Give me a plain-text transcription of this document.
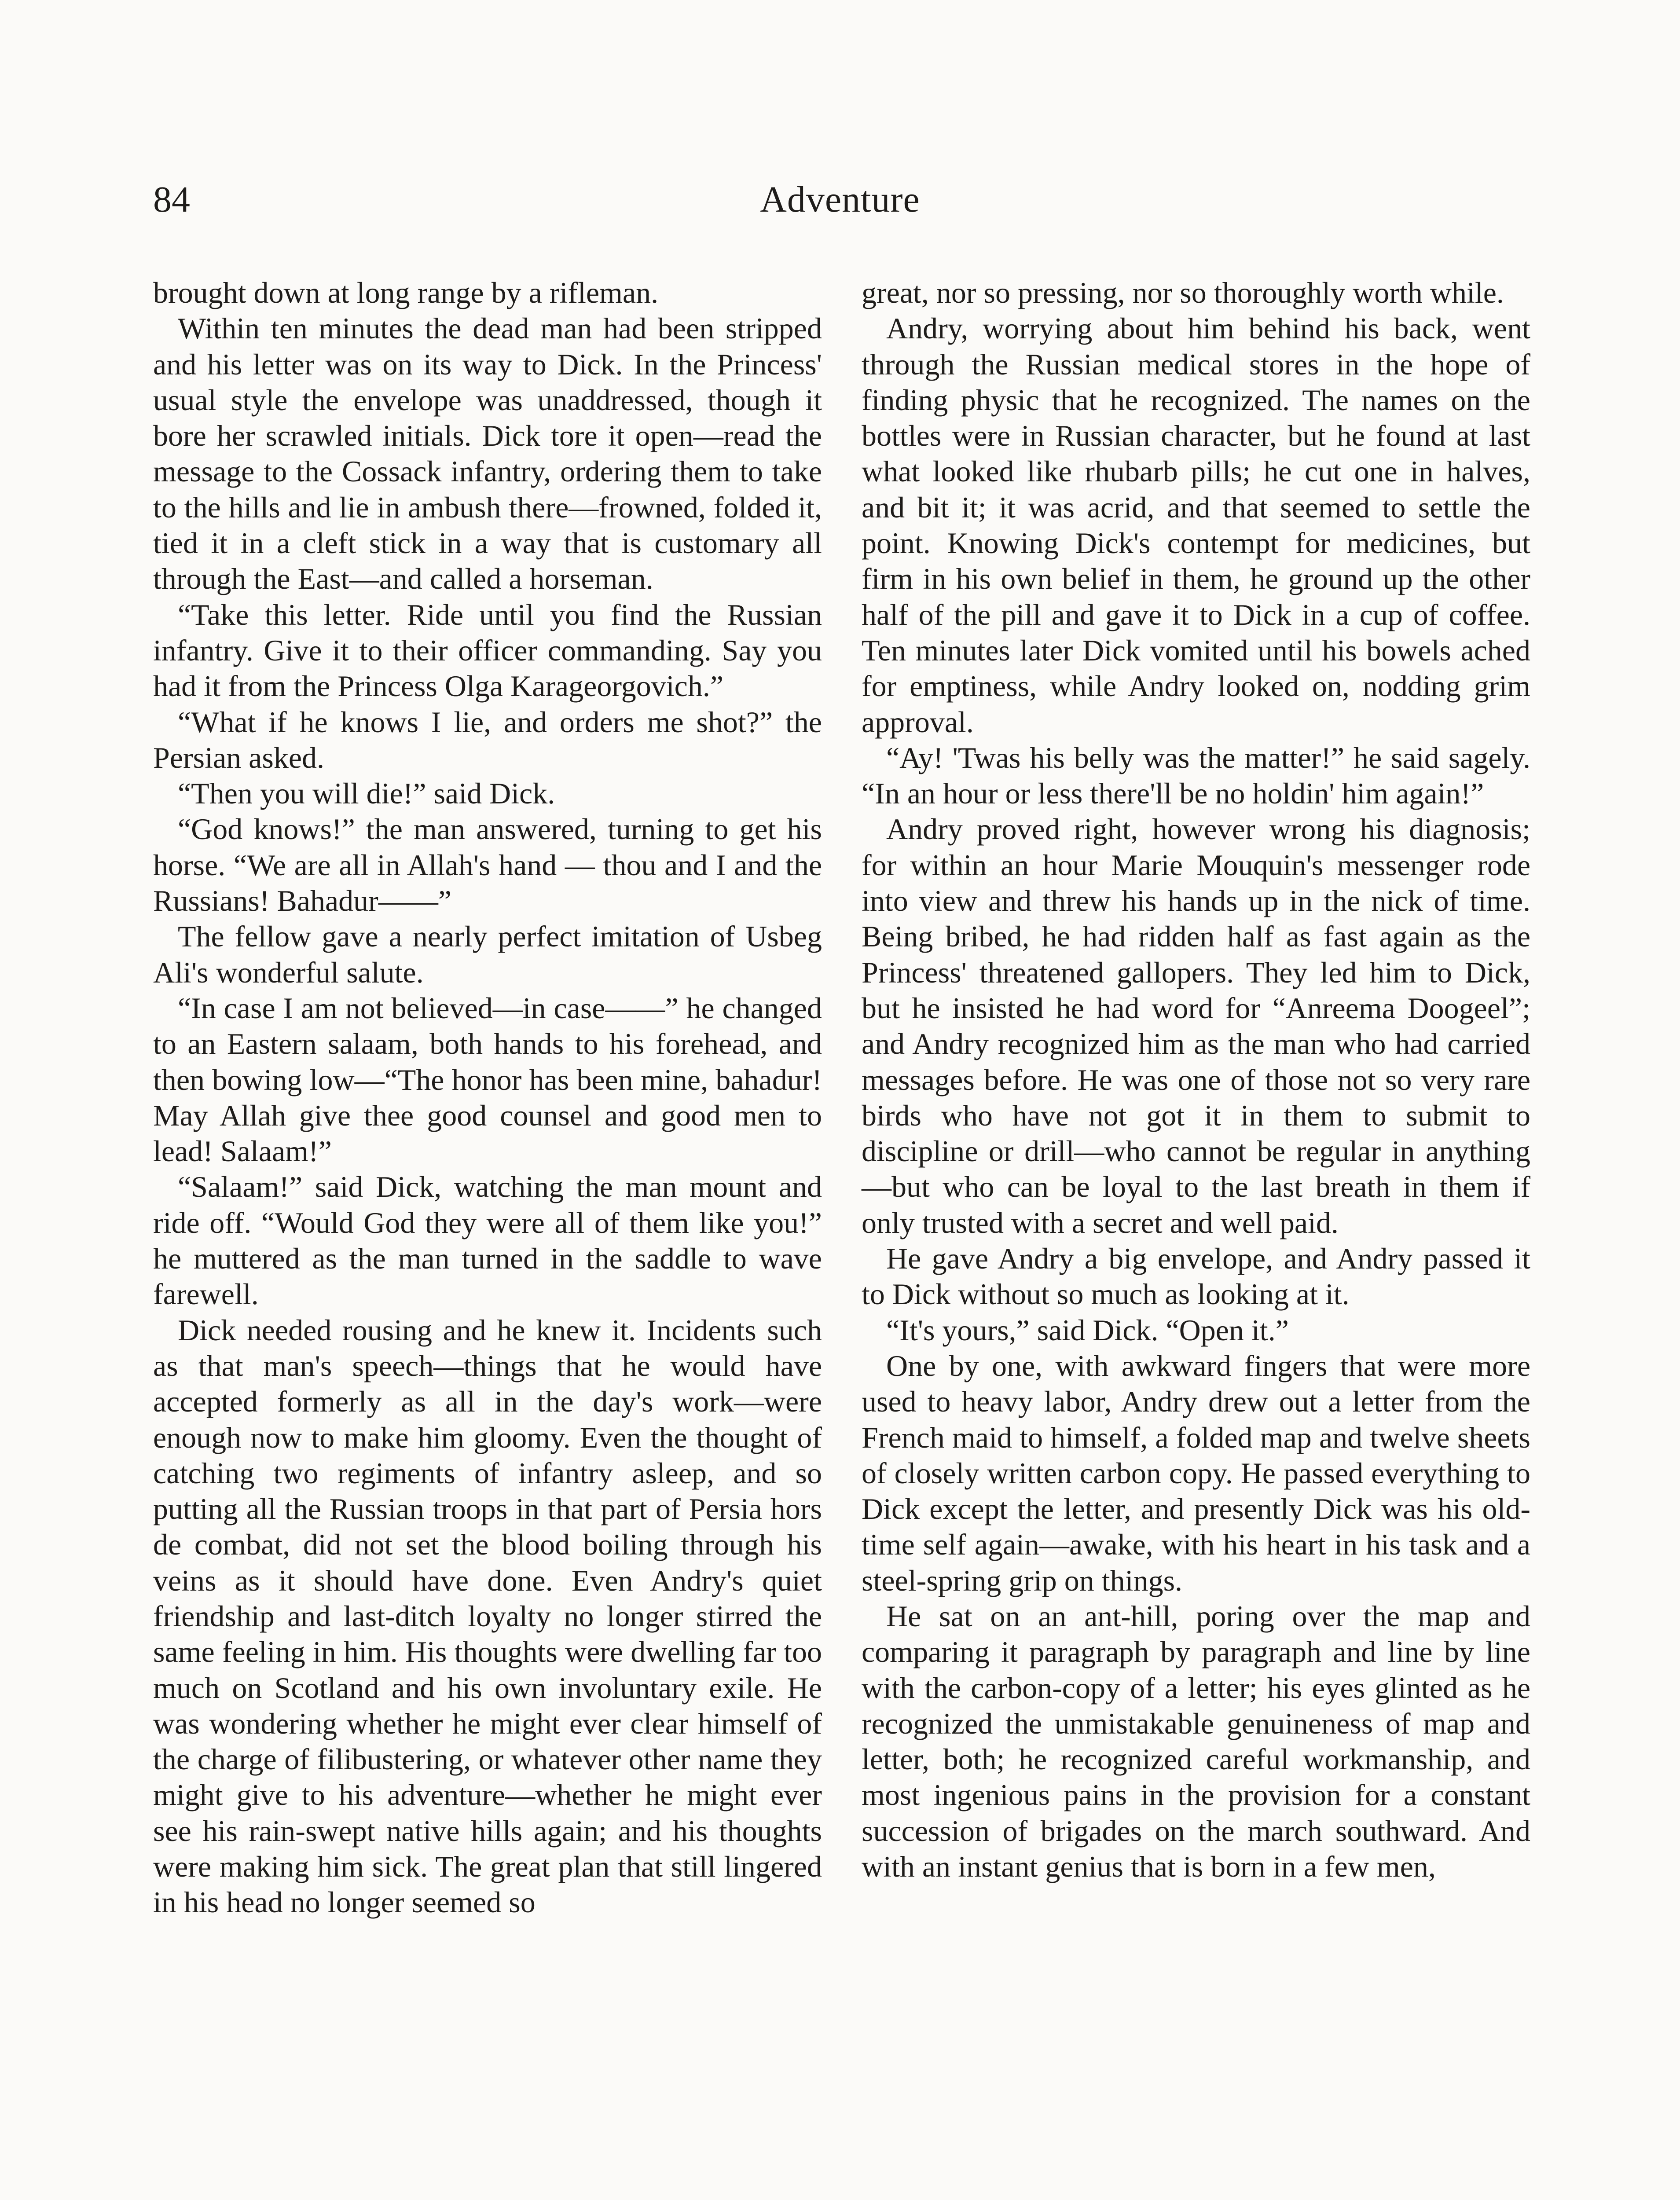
84	Adventure

brought down at long range by a rifleman.

Within ten minutes the dead man had been stripped and his letter was on its way to Dick. In the Princess' usual style the envelope was unaddressed, though it bore her scrawled initials. Dick tore it open—read the message to the Cossack infantry, ordering them to take to the hills and lie in ambush there—frowned, folded it, tied it in a cleft stick in a way that is customary all through the East—and called a horseman.

“Take this letter. Ride until you find the Russian infantry. Give it to their officer commanding. Say you had it from the Princess Olga Karageorgovich.”

“What if he knows I lie, and orders me shot?” the Persian asked.

“Then you will die!” said Dick.

“God knows!” the man answered, turning to get his horse. “We are all in Allah's hand — thou and I and the Russians! Bahadur——”

The fellow gave a nearly perfect imitation of Usbeg Ali's wonderful salute.

“In case I am not believed—in case——” he changed to an Eastern salaam, both hands to his forehead, and then bowing low—“The honor has been mine, bahadur! May Allah give thee good counsel and good men to lead! Salaam!”

“Salaam!” said Dick, watching the man mount and ride off. “Would God they were all of them like you!” he muttered as the man turned in the saddle to wave farewell.

Dick needed rousing and he knew it. Incidents such as that man's speech—things that he would have accepted formerly as all in the day's work—were enough now to make him gloomy. Even the thought of catching two regiments of infantry asleep, and so putting all the Russian troops in that part of Persia hors de combat, did not set the blood boiling through his veins as it should have done. Even Andry's quiet friendship and last-ditch loyalty no longer stirred the same feeling in him. His thoughts were dwelling far too much on Scotland and his own involuntary exile. He was wondering whether he might ever clear himself of the charge of filibustering, or whatever other name they might give to his adventure—whether he might ever see his rain-swept native hills again; and his thoughts were making him sick. The great plan that still lingered in his head no longer seemed so

great, nor so pressing, nor so thoroughly worth while.

Andry, worrying about him behind his back, went through the Russian medical stores in the hope of finding physic that he recognized. The names on the bottles were in Russian character, but he found at last what looked like rhubarb pills; he cut one in halves, and bit it; it was acrid, and that seemed to settle the point. Knowing Dick's contempt for medicines, but firm in his own belief in them, he ground up the other half of the pill and gave it to Dick in a cup of coffee. Ten minutes later Dick vomited until his bowels ached for emptiness, while Andry looked on, nodding grim approval.

“Ay! 'Twas his belly was the matter!” he said sagely. “In an hour or less there'll be no holdin' him again!”

Andry proved right, however wrong his diagnosis; for within an hour Marie Mouquin's messenger rode into view and threw his hands up in the nick of time. Being bribed, he had ridden half as fast again as the Princess' threatened gallopers. They led him to Dick, but he insisted he had word for “Anreema Doogeel”; and Andry recognized him as the man who had carried messages before. He was one of those not so very rare birds who have not got it in them to submit to discipline or drill—who cannot be regular in anything—but who can be loyal to the last breath in them if only trusted with a secret and well paid.

He gave Andry a big envelope, and Andry passed it to Dick without so much as looking at it.

“It's yours,” said Dick. “Open it.”

One by one, with awkward fingers that were more used to heavy labor, Andry drew out a letter from the French maid to himself, a folded map and twelve sheets of closely written carbon copy. He passed everything to Dick except the letter, and presently Dick was his old-time self again—awake, with his heart in his task and a steel-spring grip on things.

He sat on an ant-hill, poring over the map and comparing it paragraph by paragraph and line by line with the carbon-copy of a letter; his eyes glinted as he recognized the unmistakable genuineness of map and letter, both; he recognized careful workmanship, and most ingenious pains in the provision for a constant succession of brigades on the march southward. And with an instant genius that is born in a few men,
